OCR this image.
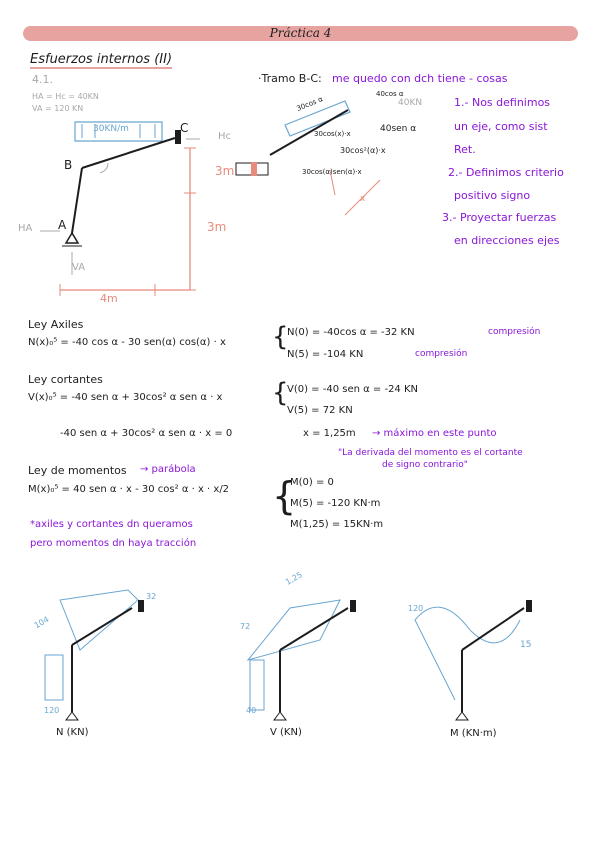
Práctica 4
Esfuerzos internos (II)
4.1.
HA = Hc = 40KN
VA = 120 KN
30KN/m	C
B
A
Hc
HA
VA
3m
3m
4m
·Tramo B-C: me quedo con dch tiene - cosas
40cos α
40KN
40sen α
30cos(x)·x
30cos²(α)·x
30cos(α)sen(α)·x
30cos α
x
1.- Nos definimos
un eje, como sist
Ret.
2.- Definimos criterio
positivo signo
3.- Proyectar fuerzas
en direcciones ejes
Ley Axiles
N(x)₀⁵ = -40 cos α - 30 sen(α) cos(α) · x {
N(0) = -40cos α = -32 KN	compresión
N(5) = -104 KN	compresión
Ley cortantes
V(x)₀⁵ = -40 sen α + 30cos² α sen α · x {
V(0) = -40 sen α = -24 KN
V(5) = 72 KN
-40 sen α + 30cos² α sen α · x = 0	x = 1,25m → máximo en este punto
"La derivada del momento es el cortante
de signo contrario"
Ley de momentos → parábola
M(x)₀⁵ = 40 sen α · x - 30 cos² α · x · x/2 {
M(0) = 0
M(5) = -120 KN·m
M(1,25) = 15KN·m
*axiles y cortantes dn queramos
pero momentos dn haya tracción
104
32
120
N (KN)
1,25
72
40
V (KN)
120
15
M (KN·m)
